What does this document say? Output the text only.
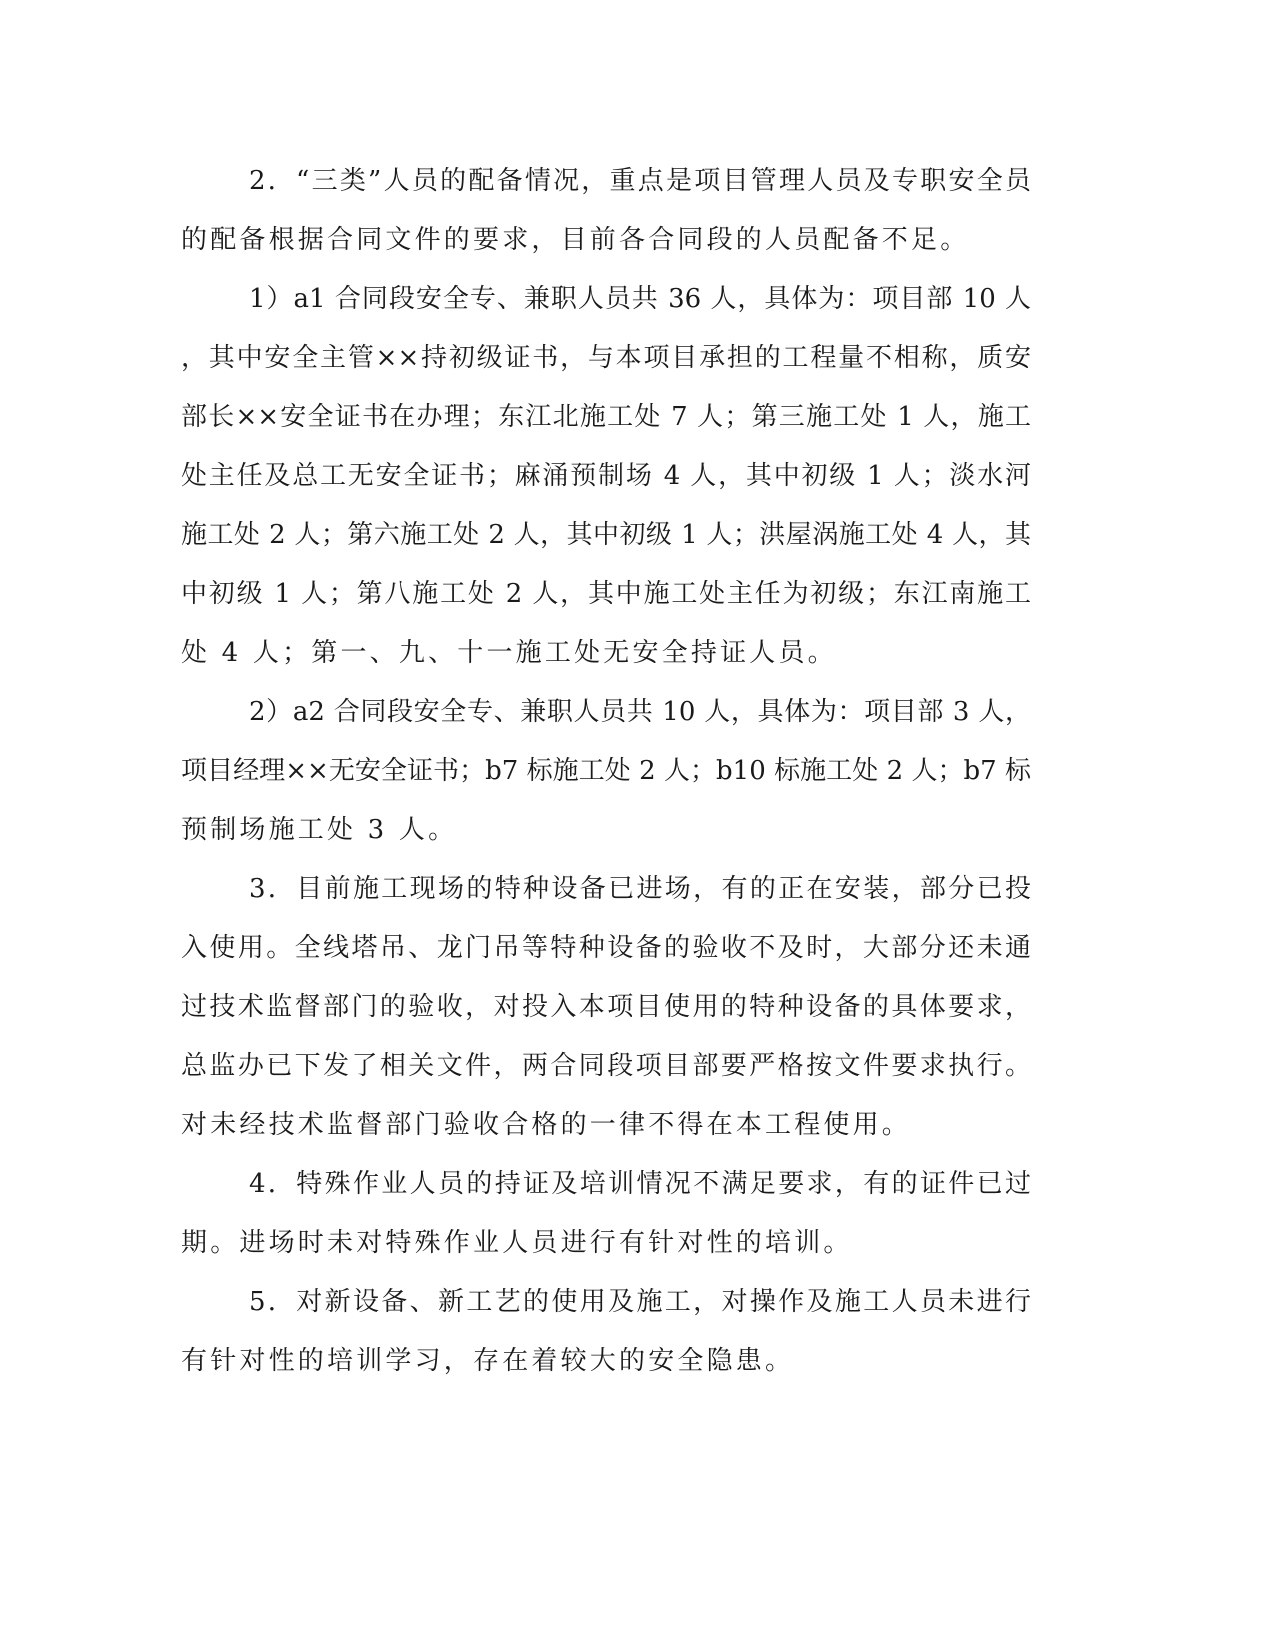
2．“三类”人员的配备情况，重点是项目管理人员及专职安全员
的配备根据合同文件的要求，目前各合同段的人员配备不足。
1）a1 合同段安全专、兼职人员共 36 人，具体为：项目部 10 人
，其中安全主管××持初级证书，与本项目承担的工程量不相称，质安
部长××安全证书在办理；东江北施工处 7 人；第三施工处 1 人，施工
处主任及总工无安全证书；麻涌预制场 4 人，其中初级 1 人；淡水河
施工处 2 人；第六施工处 2 人，其中初级 1 人；洪屋涡施工处 4 人，其
中初级 1 人；第八施工处 2 人，其中施工处主任为初级；东江南施工
处 4 人；第一、九、十一施工处无安全持证人员。
2）a2 合同段安全专、兼职人员共 10 人，具体为：项目部 3 人，
项目经理××无安全证书；b7 标施工处 2 人；b10 标施工处 2 人；b7 标
预制场施工处 3 人。
3．目前施工现场的特种设备已进场，有的正在安装，部分已投
入使用。全线塔吊、龙门吊等特种设备的验收不及时，大部分还未通
过技术监督部门的验收，对投入本项目使用的特种设备的具体要求，
总监办已下发了相关文件，两合同段项目部要严格按文件要求执行。
对未经技术监督部门验收合格的一律不得在本工程使用。
4．特殊作业人员的持证及培训情况不满足要求，有的证件已过
期。进场时未对特殊作业人员进行有针对性的培训。
5．对新设备、新工艺的使用及施工，对操作及施工人员未进行
有针对性的培训学习，存在着较大的安全隐患。
